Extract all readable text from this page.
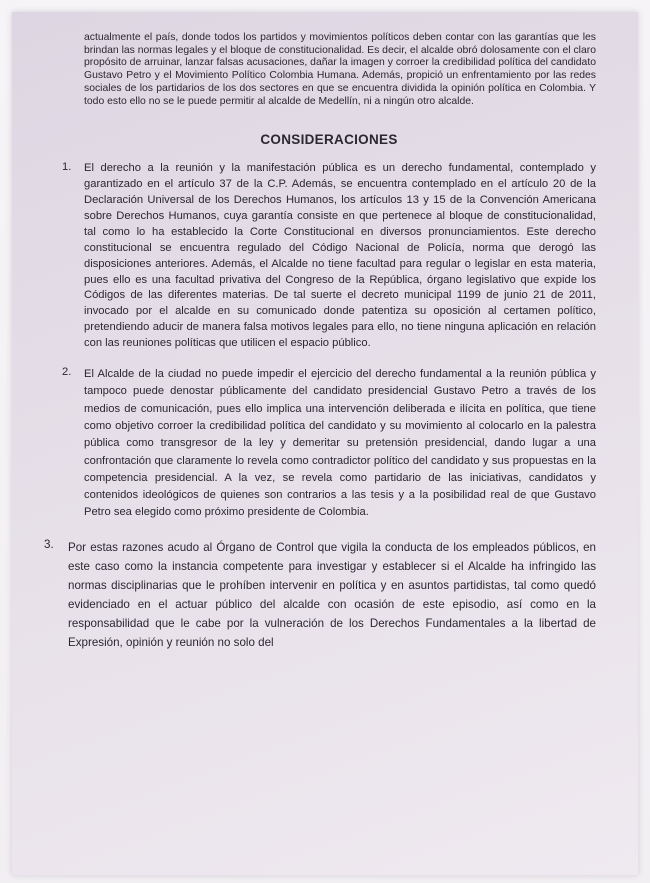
actualmente el país, donde todos los partidos y movimientos políticos deben contar con las garantías que les brindan las normas legales y el bloque de constitucionalidad. Es decir, el alcalde obró dolosamente con el claro propósito de arruinar, lanzar falsas acusaciones, dañar la imagen y corroer la credibilidad política del candidato Gustavo Petro y el Movimiento Político Colombia Humana. Además, propició un enfrentamiento por las redes sociales de los partidarios de los dos sectores en que se encuentra dividida la opinión política en Colombia. Y todo esto ello no se le puede permitir al alcalde de Medellín, ni a ningún otro alcalde.

CONSIDERACIONES
1. El derecho a la reunión y la manifestación pública es un derecho fundamental, contemplado y garantizado en el artículo 37 de la C.P. Además, se encuentra contemplado en el artículo 20 de la Declaración Universal de los Derechos Humanos, los artículos 13 y 15 de la Convención Americana sobre Derechos Humanos, cuya garantía consiste en que pertenece al bloque de constitucionalidad, tal como lo ha establecido la Corte Constitucional en diversos pronunciamientos. Este derecho constitucional se encuentra regulado del Código Nacional de Policía, norma que derogó las disposiciones anteriores. Además, el Alcalde no tiene facultad para regular o legislar en esta materia, pues ello es una facultad privativa del Congreso de la República, órgano legislativo que expide los Códigos de las diferentes materias. De tal suerte el decreto municipal 1199 de junio 21 de 2011, invocado por el alcalde en su comunicado donde patentiza su oposición al certamen político, pretendiendo aducir de manera falsa motivos legales para ello, no tiene ninguna aplicación en relación con las reuniones políticas que utilicen el espacio público.
2. El Alcalde de la ciudad no puede impedir el ejercicio del derecho fundamental a la reunión pública y tampoco puede denostar públicamente del candidato presidencial Gustavo Petro a través de los medios de comunicación, pues ello implica una intervención deliberada e ilícita en política, que tiene como objetivo corroer la credibilidad política del candidato y su movimiento al colocarlo en la palestra pública como transgresor de la ley y demeritar su pretensión presidencial, dando lugar a una confrontación que claramente lo revela como contradictor político del candidato y sus propuestas en la competencia presidencial. A la vez, se revela como partidario de las iniciativas, candidatos y contenidos ideológicos de quienes son contrarios a las tesis y a la posibilidad real de que Gustavo Petro sea elegido como próximo presidente de Colombia.
3. Por estas razones acudo al Órgano de Control que vigila la conducta de los empleados públicos, en este caso como la instancia competente para investigar y establecer si el Alcalde ha infringido las normas disciplinarias que le prohíben intervenir en política y en asuntos partidistas, tal como quedó evidenciado en el actuar público del alcalde con ocasión de este episodio, así como en la responsabilidad que le cabe por la vulneración de los Derechos Fundamentales a la libertad de Expresión, opinión y reunión no solo del
